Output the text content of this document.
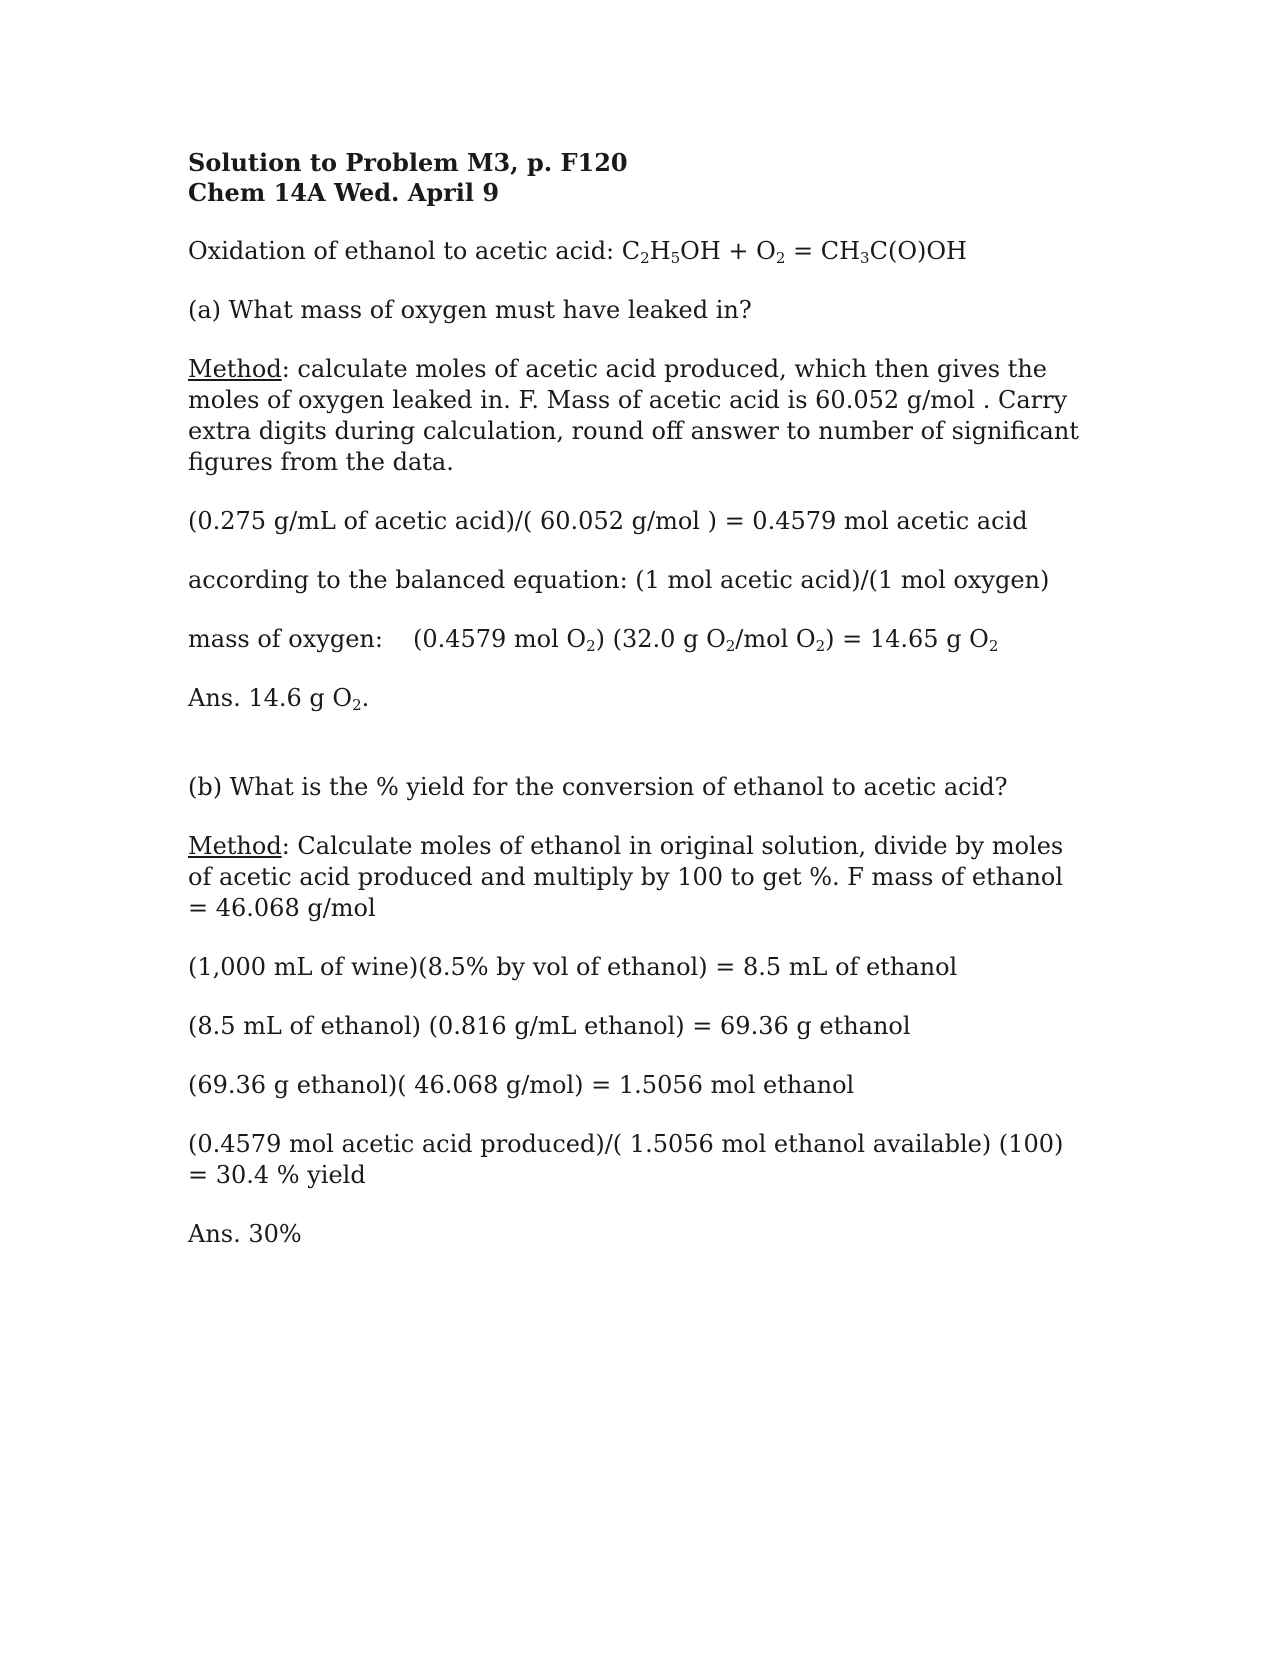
Solution to Problem M3, p. F120
Chem 14A Wed. April 9

Oxidation of ethanol to acetic acid: $C_2H_5OH + O_2 = CH_3C(O)OH$

(a) What mass of oxygen must have leaked in?

Method: calculate moles of acetic acid produced, which then gives the moles of oxygen leaked in. F. Mass of acetic acid is 60.052 g/mol . Carry extra digits during calculation, round off answer to number of significant figures from the data.

(0.275 g/mL of acetic acid)/( 60.052 g/mol ) = 0.4579 mol acetic acid

according to the balanced equation: (1 mol acetic acid)/(1 mol oxygen)

mass of oxygen: (0.4579 mol $O_2$) (32.0 g $O_2$/mol $O_2) = 14.65$ g $O_2$

Ans. 14.6 g $O_2$.

(b) What is the % yield for the conversion of ethanol to acetic acid?

Method: Calculate moles of ethanol in original solution, divide by moles of acetic acid produced and multiply by 100 to get %. F mass of ethanol = 46.068 g/mol

(1,000 mL of wine)(8.5% by vol of ethanol) = 8.5 mL of ethanol

(8.5 mL of ethanol) (0.816 g/mL ethanol) = 69.36 g ethanol

(69.36 g ethanol)( 46.068 g/mol) = 1.5056 mol ethanol

(0.4579 mol acetic acid produced)/( 1.5056 mol ethanol available) (100) = 30.4 % yield

Ans. 30%
